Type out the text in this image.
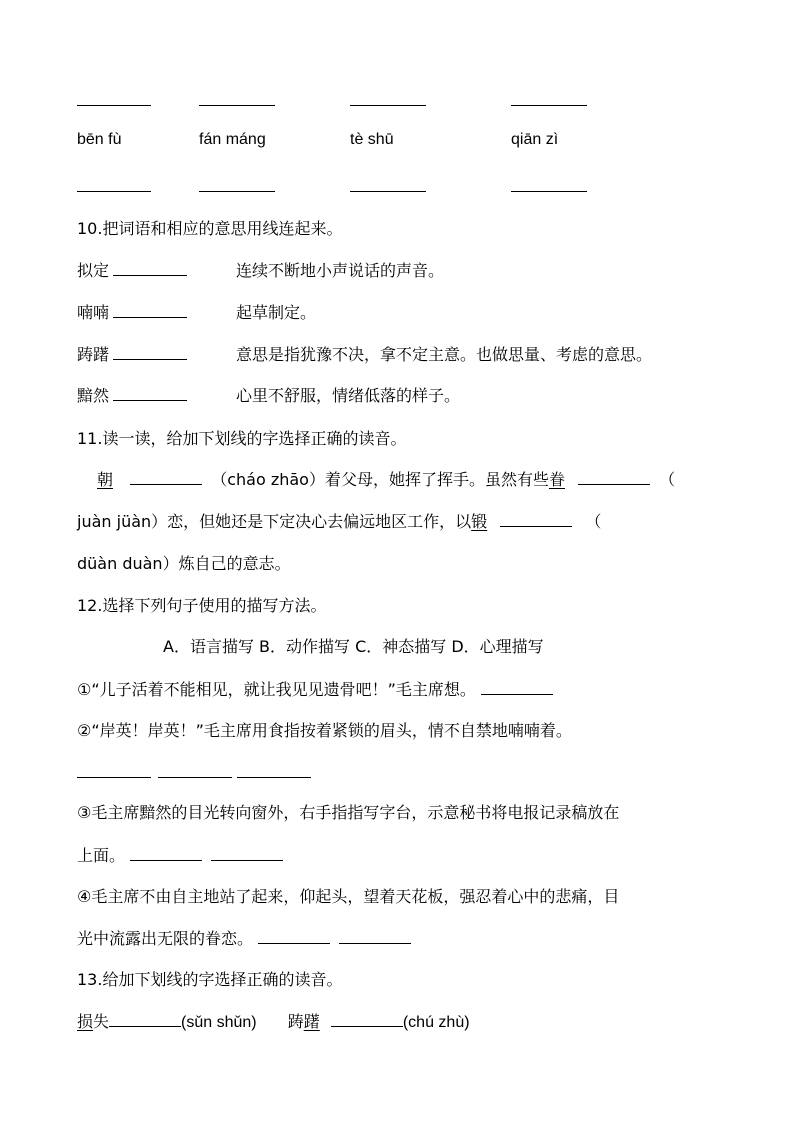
bēn fù	fán máng	tè shū	qiān zì
10.把词语和相应的意思用线连起来。
拟定	连续不断地小声说话的声音。
喃喃	起草制定。
踌躇	意思是指犹豫不决，拿不定主意。也做思量、考虑的意思。
黯然	心里不舒服，情绪低落的样子。
11.读一读，给加下划线的字选择正确的读音。
朝	（cháo zhāo）着父母，她挥了挥手。虽然有些眷	（
juàn jüàn）恋，但她还是下定决心去偏远地区工作，以锻	（
düàn duàn）炼自己的意志。
12.选择下列句子使用的描写方法。
A．语言描写 B．动作描写 C．神态描写 D．心理描写
①“儿子活着不能相见，就让我见见遗骨吧！”毛主席想。
②“岸英！岸英！”毛主席用食指按着紧锁的眉头，情不自禁地喃喃着。
③毛主席黯然的目光转向窗外，右手指指写字台，示意秘书将电报记录稿放在
上面。
④毛主席不由自主地站了起来，仰起头，望着天花板，强忍着心中的悲痛，目
光中流露出无限的眷恋。
13.给加下划线的字选择正确的读音。
损失	(sǔn shǔn) 踌躇	(chú zhù)
